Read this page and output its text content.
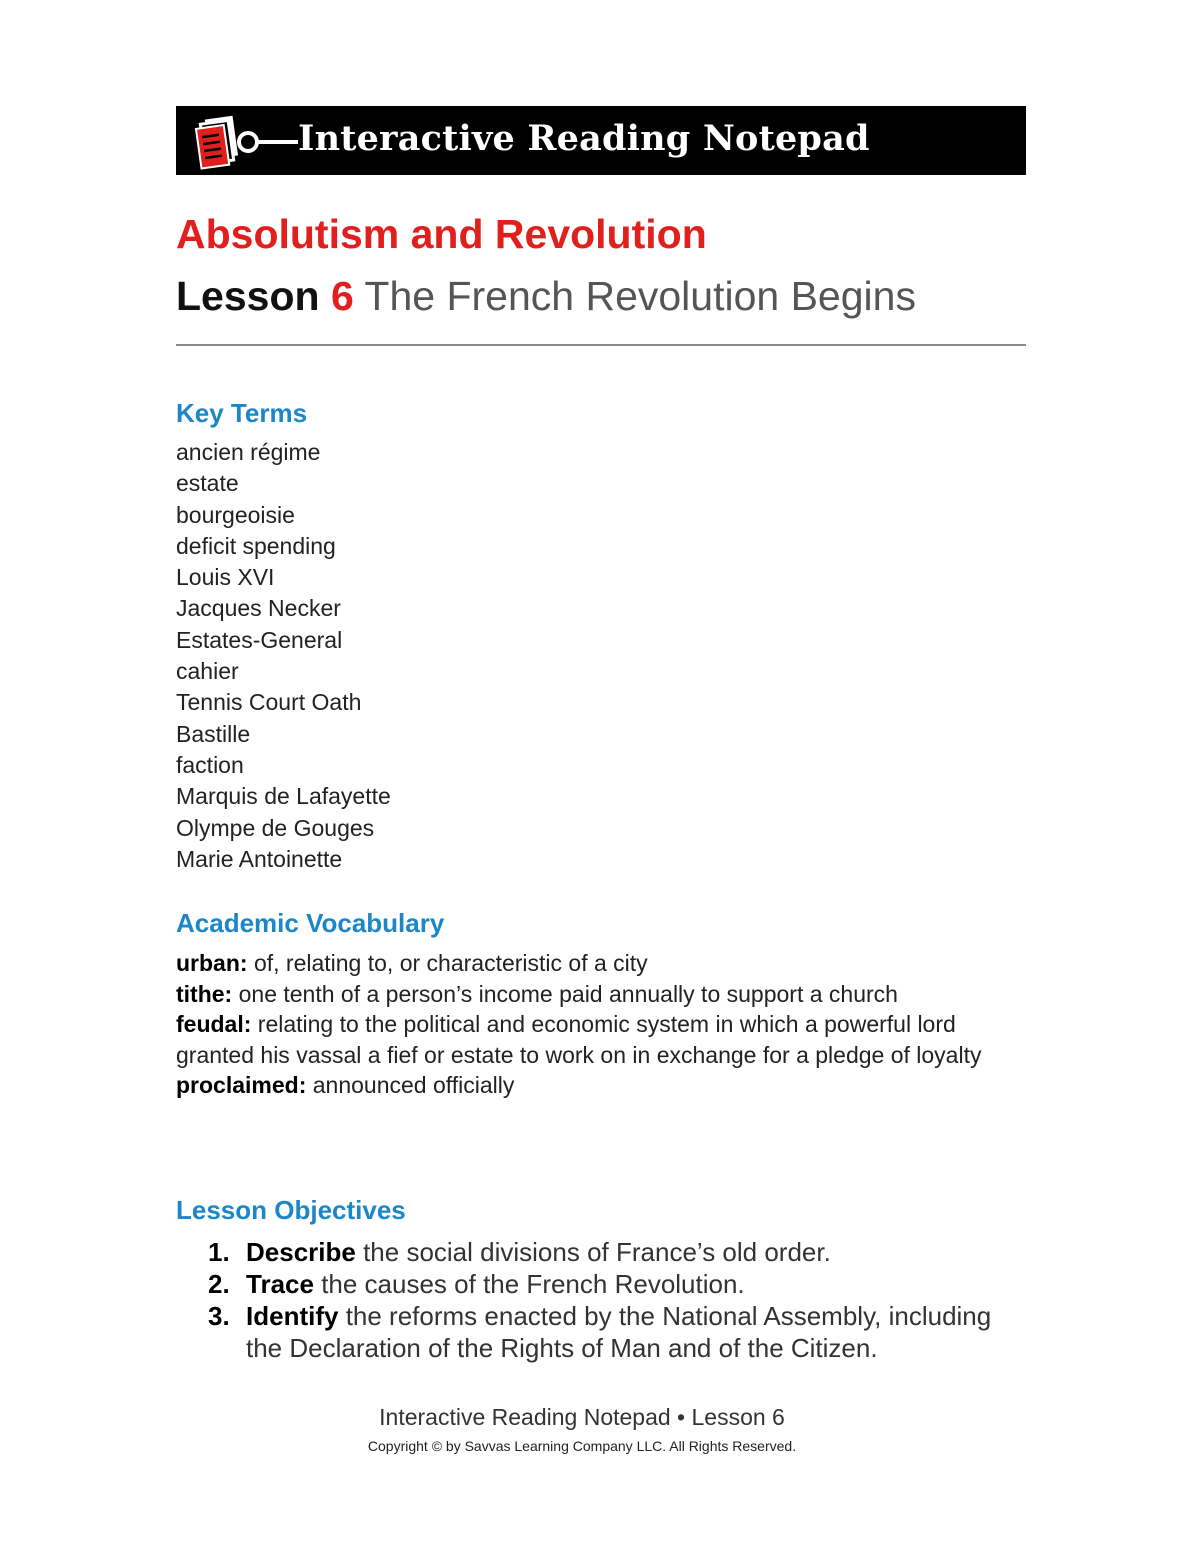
Interactive Reading Notepad
Absolutism and Revolution
Lesson 6 The French Revolution Begins
Key Terms
ancien régime
estate
bourgeoisie
deficit spending
Louis XVI
Jacques Necker
Estates-General
cahier
Tennis Court Oath
Bastille
faction
Marquis de Lafayette
Olympe de Gouges
Marie Antoinette
Academic Vocabulary

urban: of, relating to, or characteristic of a city

tithe: one tenth of a person’s income paid annually to support a church

feudal: relating to the political and economic system in which a powerful lord granted his vassal a fief or estate to work on in exchange for a pledge of loyalty

proclaimed: announced officially

Lesson Objectives
1. Describe the social divisions of France’s old order.
2. Trace the causes of the French Revolution.
3. Identify the reforms enacted by the National Assembly, including the Declaration of the Rights of Man and of the Citizen.
Interactive Reading Notepad • Lesson 6
Copyright © by Savvas Learning Company LLC. All Rights Reserved.
